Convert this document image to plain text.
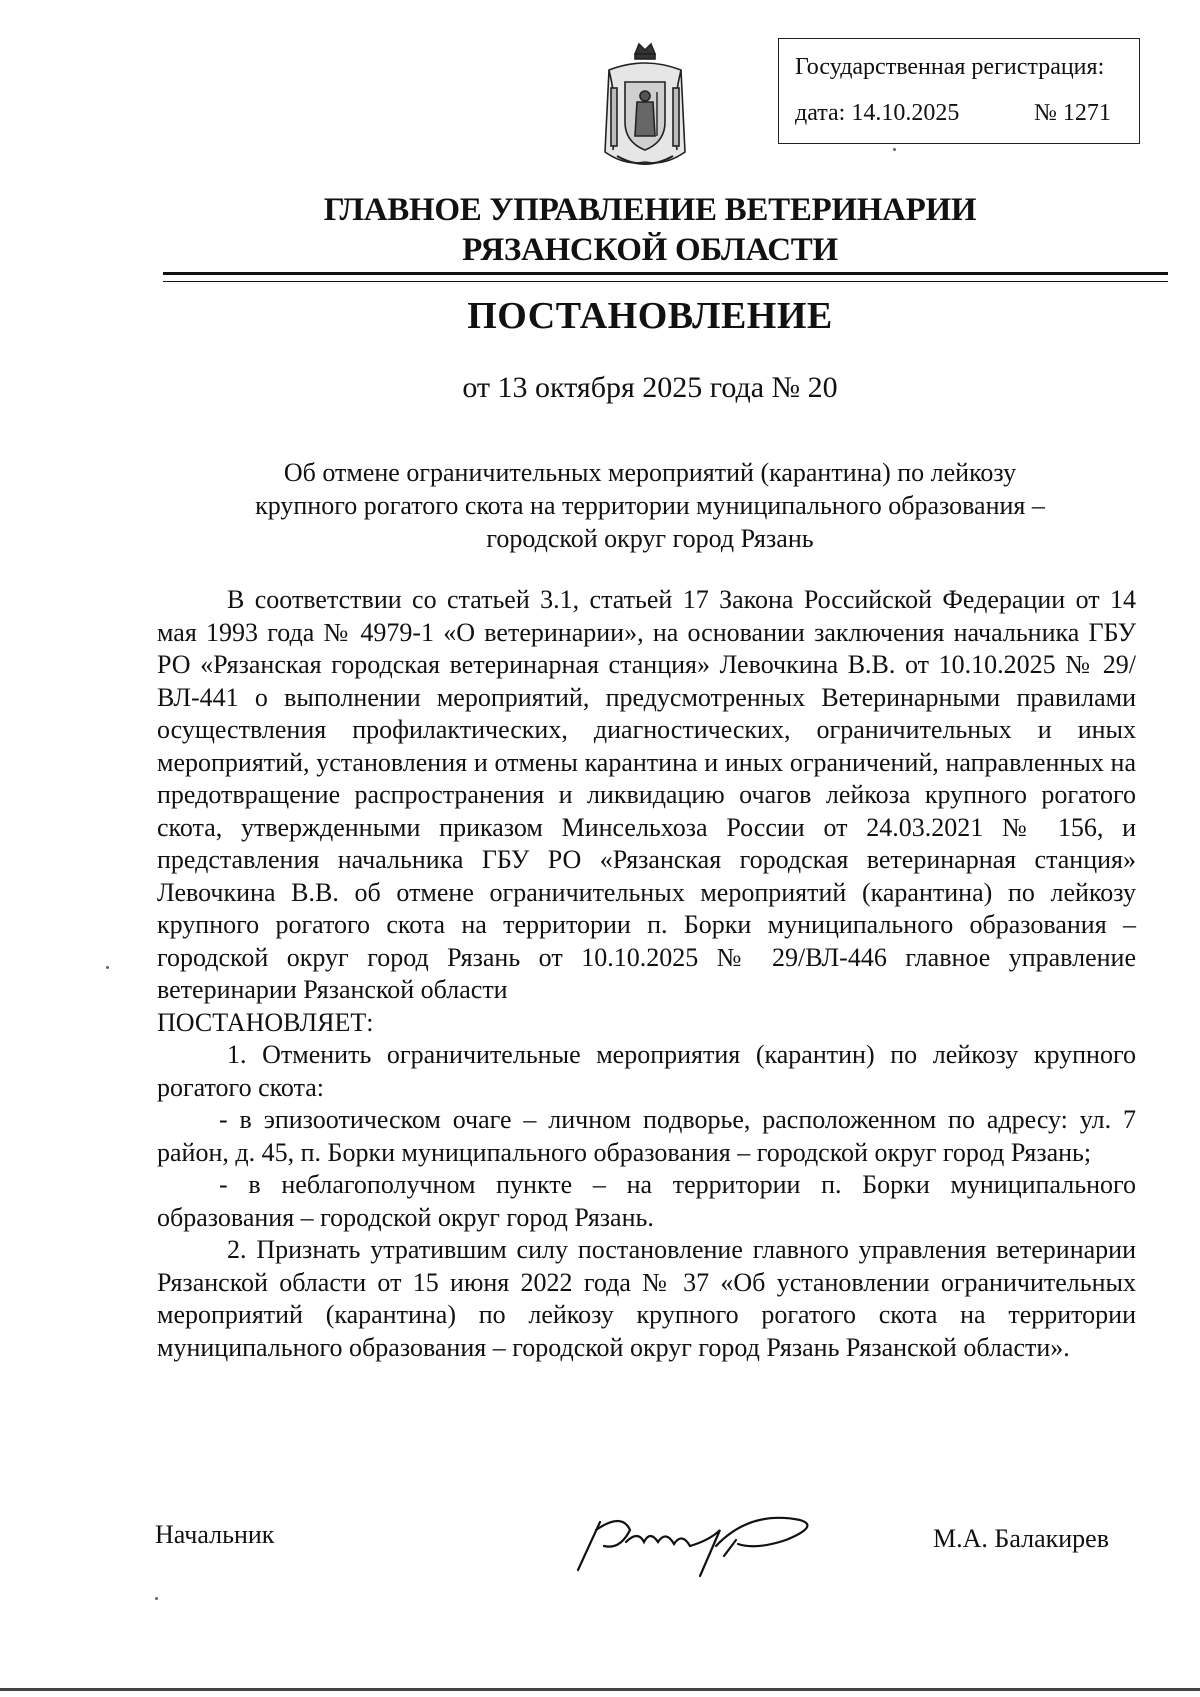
Государственная регистрация:
дата: 14.10.2025	№ 1271
ГЛАВНОЕ УПРАВЛЕНИЕ ВЕТЕРИНАРИИ
РЯЗАНСКОЙ ОБЛАСТИ
ПОСТАНОВЛЕНИЕ
от 13 октября 2025 года № 20
Об отмене ограничительных мероприятий (карантина) по лейкозу
крупного рогатого скота на территории муниципального образования –
городской округ город Рязань

В соответствии со статьей 3.1, статьей 17 Закона Российской Федерации от 14 мая 1993 года № 4979-1 «О ветеринарии», на основании заключения начальника ГБУ РО «Рязанская городская ветеринарная станция» Левочкина В.В. от 10.10.2025 № 29/ВЛ-441 о выполнении мероприятий, предусмотренных Ветеринарными правилами осуществления профилактических, диагностических, ограничительных и иных мероприятий, установления и отмены карантина и иных ограничений, направленных на предотвращение распространения и ликвидацию очагов лейкоза крупного рогатого скота, утвержденными приказом Минсельхоза России от 24.03.2021 № 156, и представления начальника ГБУ РО «Рязанская городская ветеринарная станция» Левочкина В.В. об отмене ограничительных мероприятий (карантина) по лейкозу крупного рогатого скота на территории п. Борки муниципального образования – городской округ город Рязань от 10.10.2025 № 29/ВЛ-446 главное управление ветеринарии Рязанской области

ПОСТАНОВЛЯЕТ:

1. Отменить ограничительные мероприятия (карантин) по лейкозу крупного рогатого скота:

- в эпизоотическом очаге – личном подворье, расположенном по адресу: ул. 7 район, д. 45, п. Борки муниципального образования – городской округ город Рязань;

- в неблагополучном пункте – на территории п. Борки муниципального образования – городской округ город Рязань.

2. Признать утратившим силу постановление главного управления ветеринарии Рязанской области от 15 июня 2022 года № 37 «Об установлении ограничительных мероприятий (карантина) по лейкозу крупного рогатого скота на территории муниципального образования – городской округ город Рязань Рязанской области».

Начальник	М.А. Балакирев
